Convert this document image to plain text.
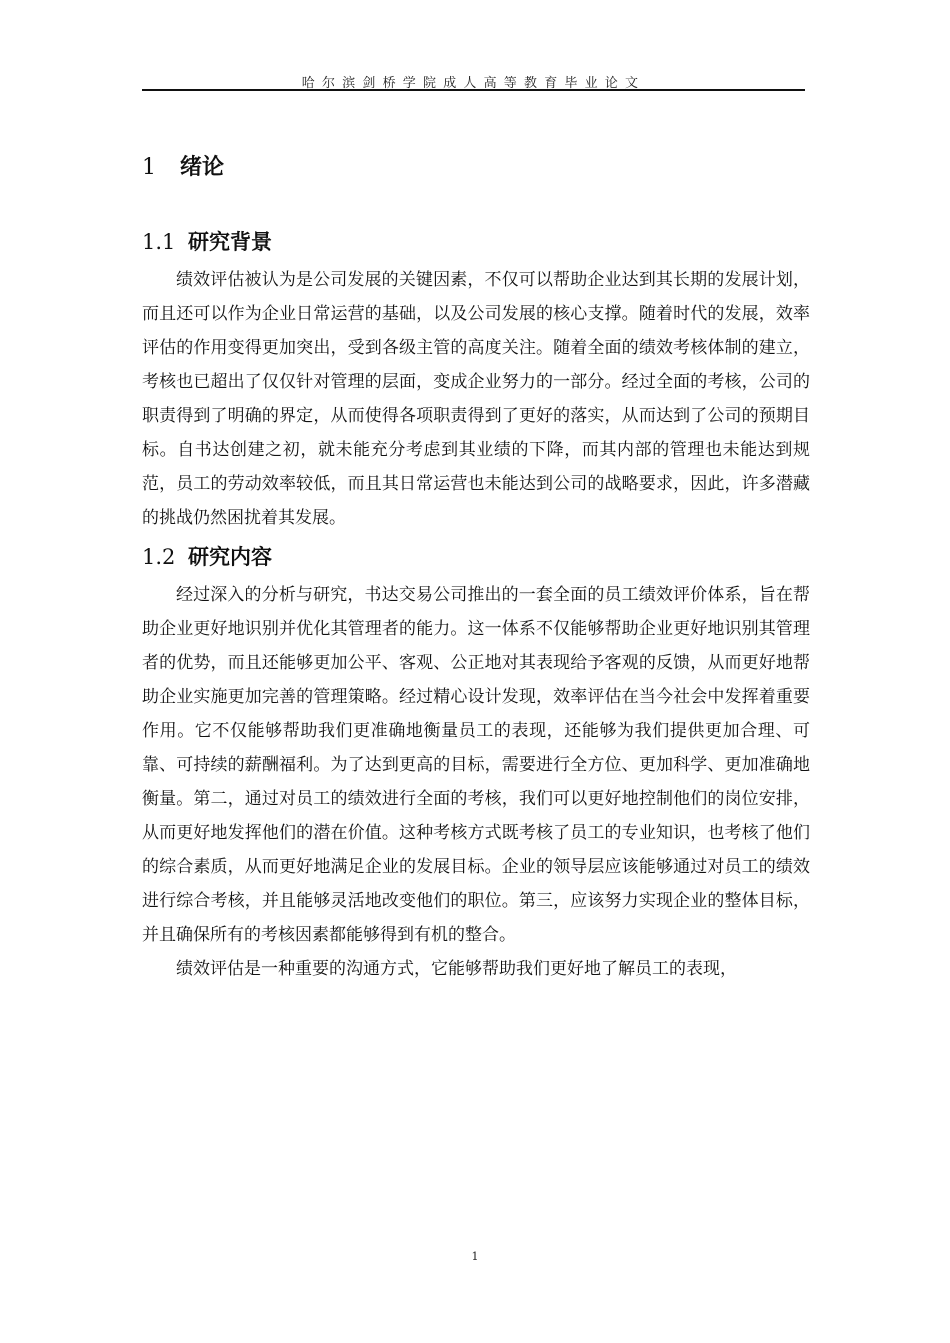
哈尔滨剑桥学院成人高等教育毕业论文
1 绪论
1.1 研究背景

绩效评估被认为是公司发展的关键因素，不仅可以帮助企业达到其长期的发展计划，而且还可以作为企业日常运营的基础，以及公司发展的核心支撑。随着时代的发展，效率评估的作用变得更加突出，受到各级主管的高度关注。随着全面的绩效考核体制的建立，考核也已超出了仅仅针对管理的层面，变成企业努力的一部分。经过全面的考核，公司的职责得到了明确的界定，从而使得各项职责得到了更好的落实，从而达到了公司的预期目标。自书达创建之初，就未能充分考虑到其业绩的下降，而其内部的管理也未能达到规范，员工的劳动效率较低，而且其日常运营也未能达到公司的战略要求，因此，许多潜藏的挑战仍然困扰着其发展。

1.2 研究内容

经过深入的分析与研究，书达交易公司推出的一套全面的员工绩效评价体系，旨在帮助企业更好地识别并优化其管理者的能力。这一体系不仅能够帮助企业更好地识别其管理者的优势，而且还能够更加公平、客观、公正地对其表现给予客观的反馈，从而更好地帮助企业实施更加完善的管理策略。经过精心设计发现，效率评估在当今社会中发挥着重要作用。它不仅能够帮助我们更准确地衡量员工的表现，还能够为我们提供更加合理、可靠、可持续的薪酬福利。为了达到更高的目标，需要进行全方位、更加科学、更加准确地衡量。第二，通过对员工的绩效进行全面的考核，我们可以更好地控制他们的岗位安排，从而更好地发挥他们的潜在价值。这种考核方式既考核了员工的专业知识，也考核了他们的综合素质，从而更好地满足企业的发展目标。企业的领导层应该能够通过对员工的绩效进行综合考核，并且能够灵活地改变他们的职位。第三，应该努力实现企业的整体目标，并且确保所有的考核因素都能够得到有机的整合。

绩效评估是一种重要的沟通方式，它能够帮助我们更好地了解员工的表现，

1
